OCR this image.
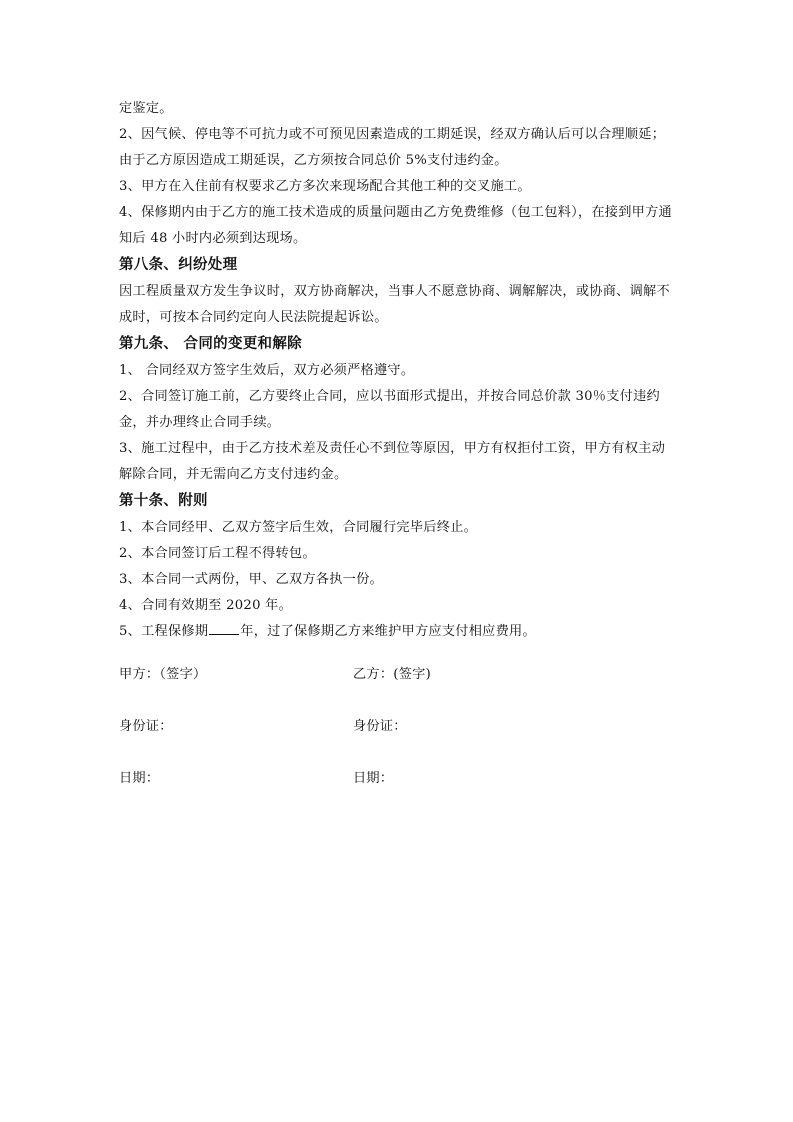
定鉴定。

2、因气候、停电等不可抗力或不可预见因素造成的工期延误，经双方确认后可以合理顺延；由于乙方原因造成工期延误，乙方须按合同总价 5%支付违约金。

3、甲方在入住前有权要求乙方多次来现场配合其他工种的交叉施工。

4、保修期内由于乙方的施工技术造成的质量问题由乙方免费维修（包工包料），在接到甲方通知后 48 小时内必须到达现场。

第八条、纠纷处理

因工程质量双方发生争议时，双方协商解决，当事人不愿意协商、调解解决，或协商、调解不成时，可按本合同约定向人民法院提起诉讼。

第九条、 合同的变更和解除

1、 合同经双方签字生效后，双方必须严格遵守。

2、合同签订施工前，乙方要终止合同，应以书面形式提出，并按合同总价款 30％支付违约金，并办理终止合同手续。

3、施工过程中，由于乙方技术差及责任心不到位等原因，甲方有权拒付工资，甲方有权主动解除合同，并无需向乙方支付违约金。

第十条、附则

1、本合同经甲、乙双方签字后生效，合同履行完毕后终止。

2、本合同签订后工程不得转包。

3、本合同一式两份，甲、乙双方各执一份。

4、合同有效期至 2020 年。

5、工程保修期 年，过了保修期乙方来维护甲方应支付相应费用。

甲方：（签字）	乙方：(签字)
身份证：	身份证：
日期：	日期：
